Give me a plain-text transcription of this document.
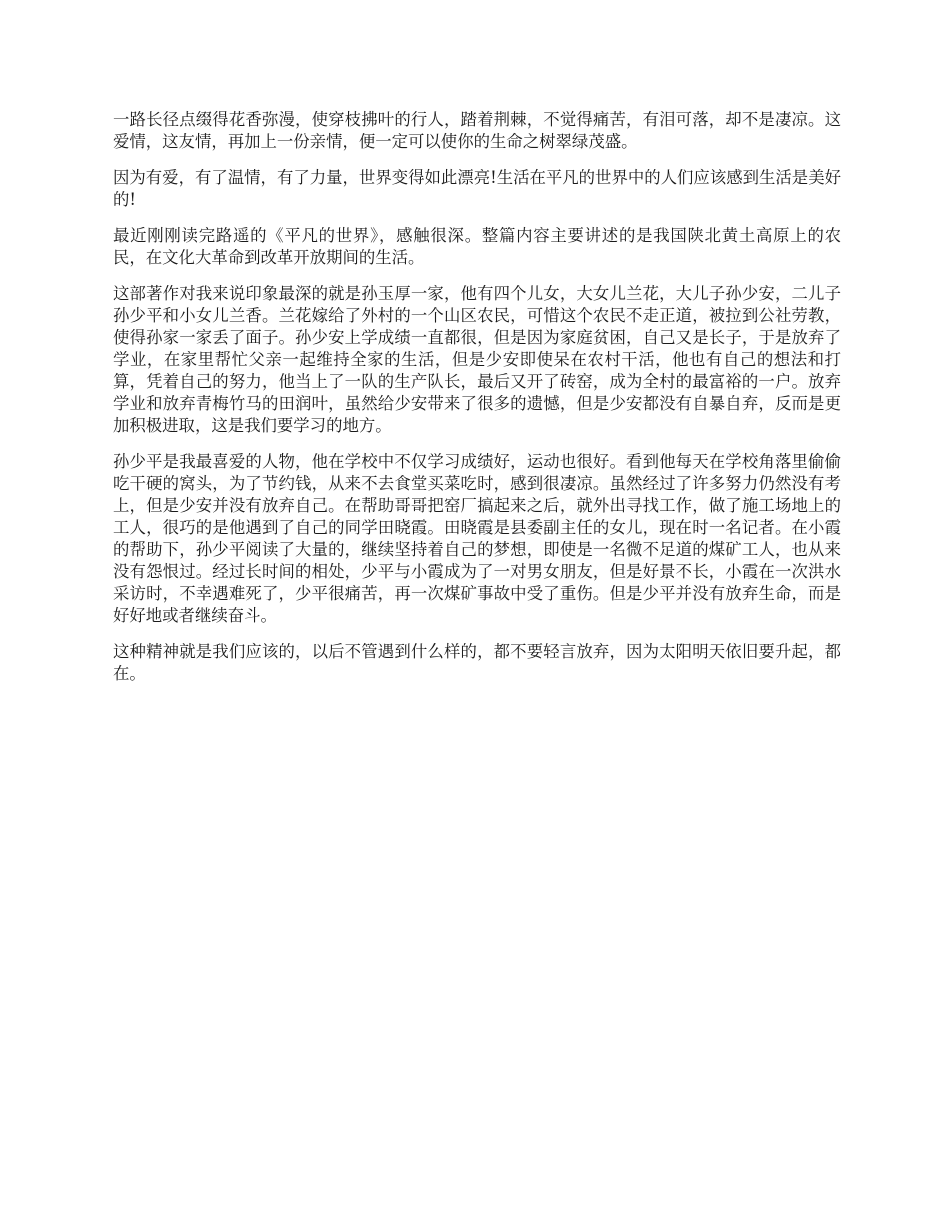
一路长径点缀得花香弥漫，使穿枝拂叶的行人，踏着荆棘，不觉得痛苦，有泪可落，却不是凄凉。这爱情，这友情，再加上一份亲情，便一定可以使你的生命之树翠绿茂盛。

因为有爱，有了温情，有了力量，世界变得如此漂亮!生活在平凡的世界中的人们应该感到生活是美好的!

最近刚刚读完路遥的《平凡的世界》，感触很深。整篇内容主要讲述的是我国陕北黄土高原上的农民，在文化大革命到改革开放期间的生活。

这部著作对我来说印象最深的就是孙玉厚一家，他有四个儿女，大女儿兰花，大儿子孙少安，二儿子孙少平和小女儿兰香。兰花嫁给了外村的一个山区农民，可惜这个农民不走正道，被拉到公社劳教，使得孙家一家丢了面子。孙少安上学成绩一直都很，但是因为家庭贫困，自己又是长子，于是放弃了学业，在家里帮忙父亲一起维持全家的生活，但是少安即使呆在农村干活，他也有自己的想法和打算，凭着自己的努力，他当上了一队的生产队长，最后又开了砖窑，成为全村的最富裕的一户。放弃学业和放弃青梅竹马的田润叶，虽然给少安带来了很多的遗憾，但是少安都没有自暴自弃，反而是更加积极进取，这是我们要学习的地方。

孙少平是我最喜爱的人物，他在学校中不仅学习成绩好，运动也很好。看到他每天在学校角落里偷偷吃干硬的窝头，为了节约钱，从来不去食堂买菜吃时，感到很凄凉。虽然经过了许多努力仍然没有考上，但是少安并没有放弃自己。在帮助哥哥把窑厂搞起来之后，就外出寻找工作，做了施工场地上的工人，很巧的是他遇到了自己的同学田晓霞。田晓霞是县委副主任的女儿，现在时一名记者。在小霞的帮助下，孙少平阅读了大量的，继续坚持着自己的梦想，即使是一名微不足道的煤矿工人，也从来没有怨恨过。经过长时间的相处，少平与小霞成为了一对男女朋友，但是好景不长，小霞在一次洪水采访时，不幸遇难死了，少平很痛苦，再一次煤矿事故中受了重伤。但是少平并没有放弃生命，而是好好地或者继续奋斗。

这种精神就是我们应该的，以后不管遇到什么样的，都不要轻言放弃，因为太阳明天依旧要升起，都在。
